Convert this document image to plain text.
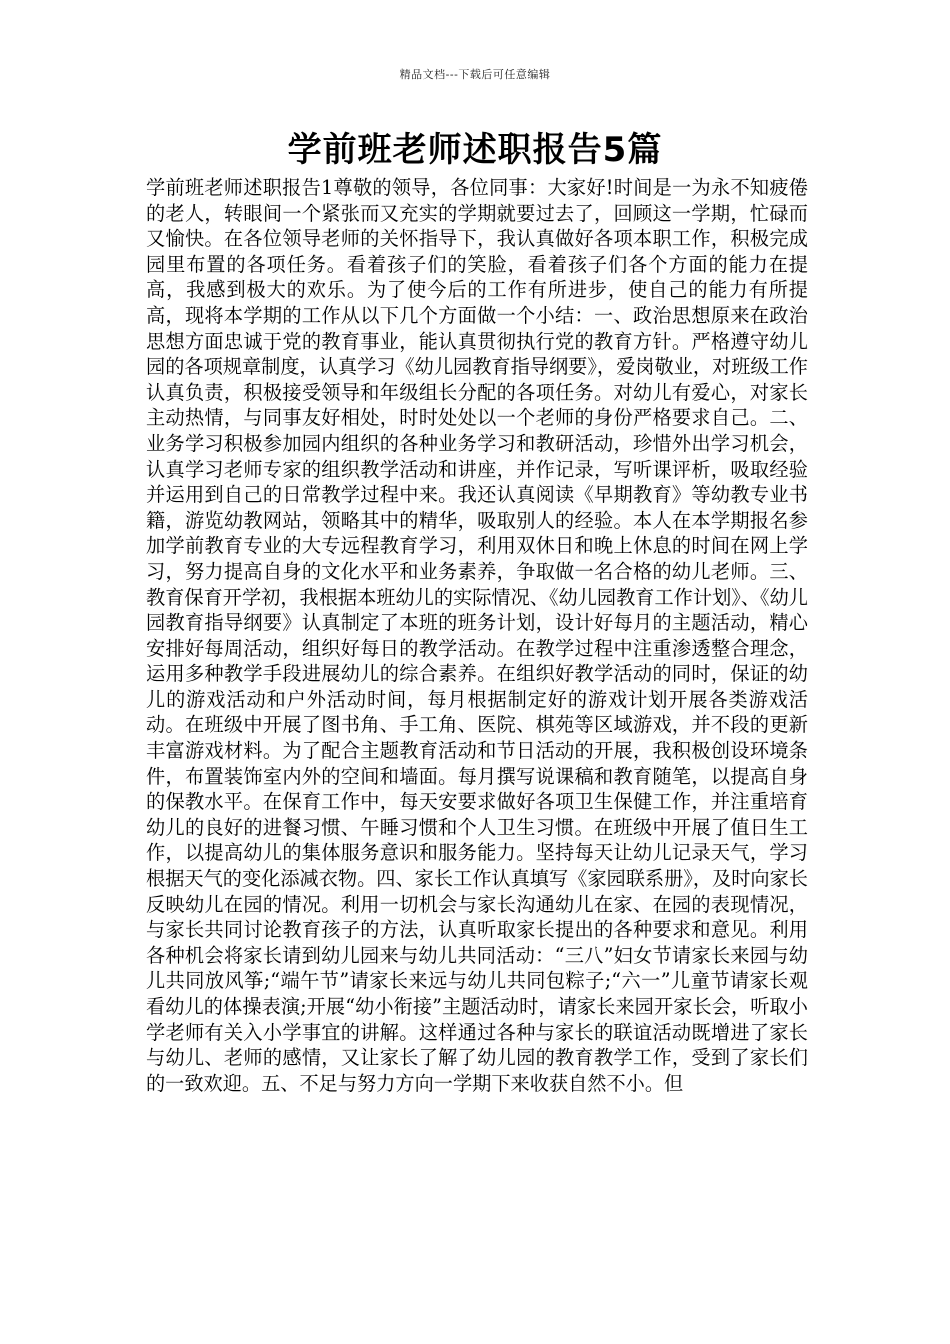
精品文档---下载后可任意编辑
学前班老师述职报告5篇

学前班老师述职报告1尊敬的领导，各位同事：大家好!时间是一为永不知疲倦的老人，转眼间一个紧张而又充实的学期就要过去了，回顾这一学期，忙碌而又愉快。在各位领导老师的关怀指导下，我认真做好各项本职工作，积极完成园里布置的各项任务。看着孩子们的笑脸，看着孩子们各个方面的能力在提高，我感到极大的欢乐。为了使今后的工作有所进步，使自己的能力有所提高，现将本学期的工作从以下几个方面做一个小结：一、政治思想原来在政治思想方面忠诚于党的教育事业，能认真贯彻执行党的教育方针。严格遵守幼儿园的各项规章制度，认真学习《幼儿园教育指导纲要》，爱岗敬业，对班级工作认真负责，积极接受领导和年级组长分配的各项任务。对幼儿有爱心，对家长主动热情，与同事友好相处，时时处处以一个老师的身份严格要求自己。二、业务学习积极参加园内组织的各种业务学习和教研活动，珍惜外出学习机会，认真学习老师专家的组织教学活动和讲座，并作记录，写听课评析，吸取经验并运用到自己的日常教学过程中来。我还认真阅读《早期教育》等幼教专业书籍，游览幼教网站，领略其中的精华，吸取别人的经验。本人在本学期报名参加学前教育专业的大专远程教育学习，利用双休日和晚上休息的时间在网上学习，努力提高自身的文化水平和业务素养，争取做一名合格的幼儿老师。三、教育保育开学初，我根据本班幼儿的实际情况、《幼儿园教育工作计划》、《幼儿园教育指导纲要》认真制定了本班的班务计划，设计好每月的主题活动，精心安排好每周活动，组织好每日的教学活动。在教学过程中注重渗透整合理念，运用多种教学手段进展幼儿的综合素养。在组织好教学活动的同时，保证的幼儿的游戏活动和户外活动时间，每月根据制定好的游戏计划开展各类游戏活动。在班级中开展了图书角、手工角、医院、棋苑等区域游戏，并不段的更新丰富游戏材料。为了配合主题教育活动和节日活动的开展，我积极创设环境条件，布置装饰室内外的空间和墙面。每月撰写说课稿和教育随笔，以提高自身的保教水平。在保育工作中，每天安要求做好各项卫生保健工作，并注重培育幼儿的良好的进餐习惯、午睡习惯和个人卫生习惯。在班级中开展了值日生工作，以提高幼儿的集体服务意识和服务能力。坚持每天让幼儿记录天气，学习根据天气的变化添减衣物。四、家长工作认真填写《家园联系册》，及时向家长反映幼儿在园的情况。利用一切机会与家长沟通幼儿在家、在园的表现情况，与家长共同讨论教育孩子的方法，认真听取家长提出的各种要求和意见。利用各种机会将家长请到幼儿园来与幼儿共同活动：“三八”妇女节请家长来园与幼儿共同放风筝;“端午节”请家长来远与幼儿共同包粽子;“六一”儿童节请家长观看幼儿的体操表演;开展“幼小衔接”主题活动时，请家长来园开家长会，听取小学老师有关入小学事宜的讲解。这样通过各种与家长的联谊活动既增进了家长与幼儿、老师的感情，又让家长了解了幼儿园的教育教学工作，受到了家长们的一致欢迎。五、不足与努力方向一学期下来收获自然不小。但
